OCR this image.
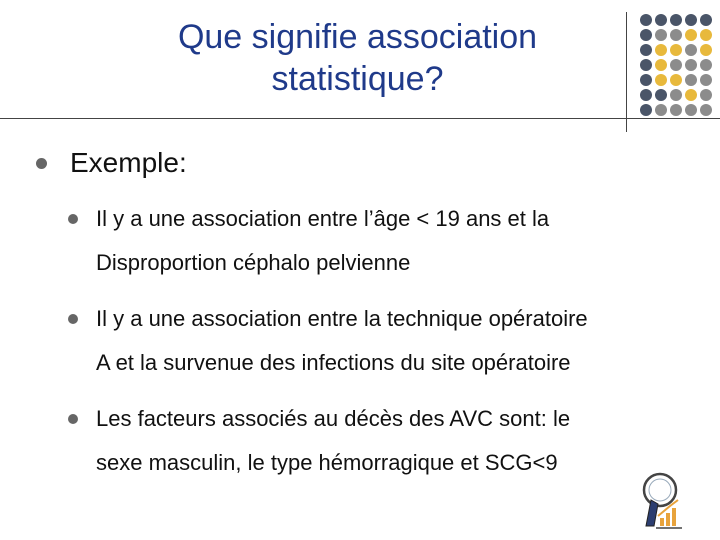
Que signifie association
statistique?
Exemple:
Il y a une association entre l’âge < 19 ans et la
Disproportion céphalo pelvienne
Il y a une association entre la technique opératoire
A et la survenue des infections du site opératoire
Les facteurs associés au décès des AVC sont: le
sexe masculin, le type hémorragique et SCG<9
